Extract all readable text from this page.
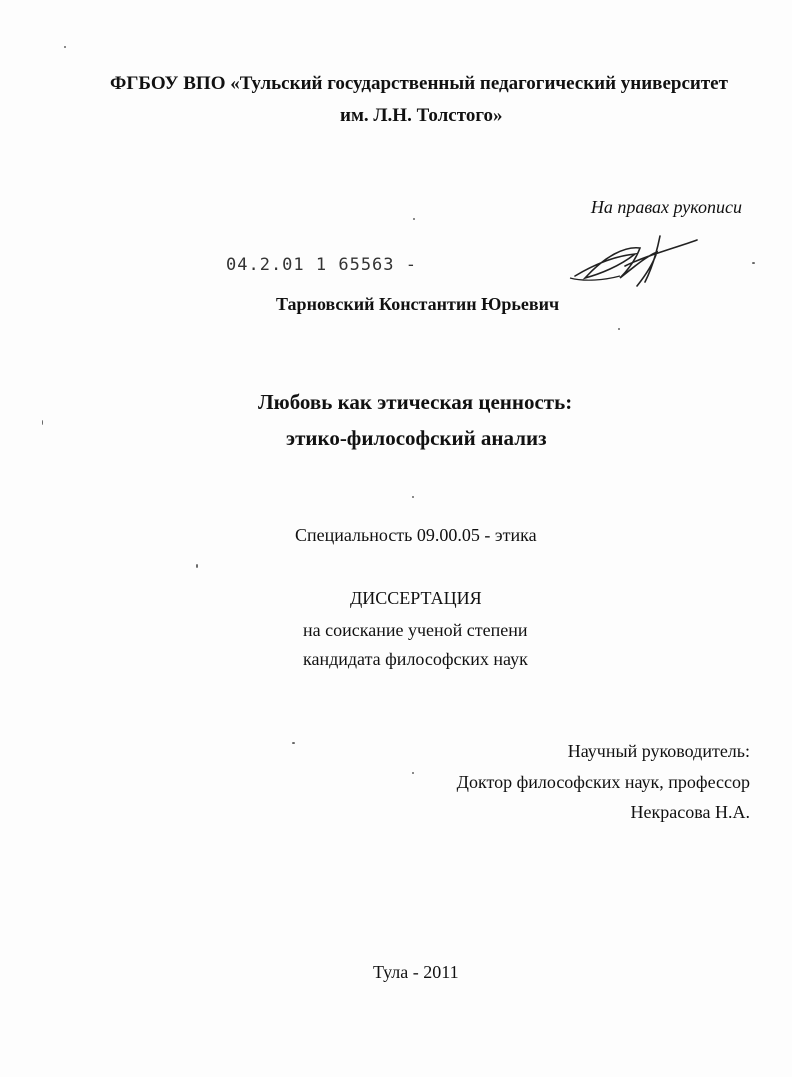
ФГБОУ ВПО «Тульский государственный педагогический университет
им. Л.Н. Толстого»
На правах рукописи
04.2.01 1 65563 -
Тарновский Константин Юрьевич
Любовь как этическая ценность:
этико-философский анализ
Специальность 09.00.05 - этика
ДИССЕРТАЦИЯ
на соискание ученой степени
кандидата философских наук
Научный руководитель:
Доктор философских наук, профессор
Некрасова Н.А.
Тула - 2011
